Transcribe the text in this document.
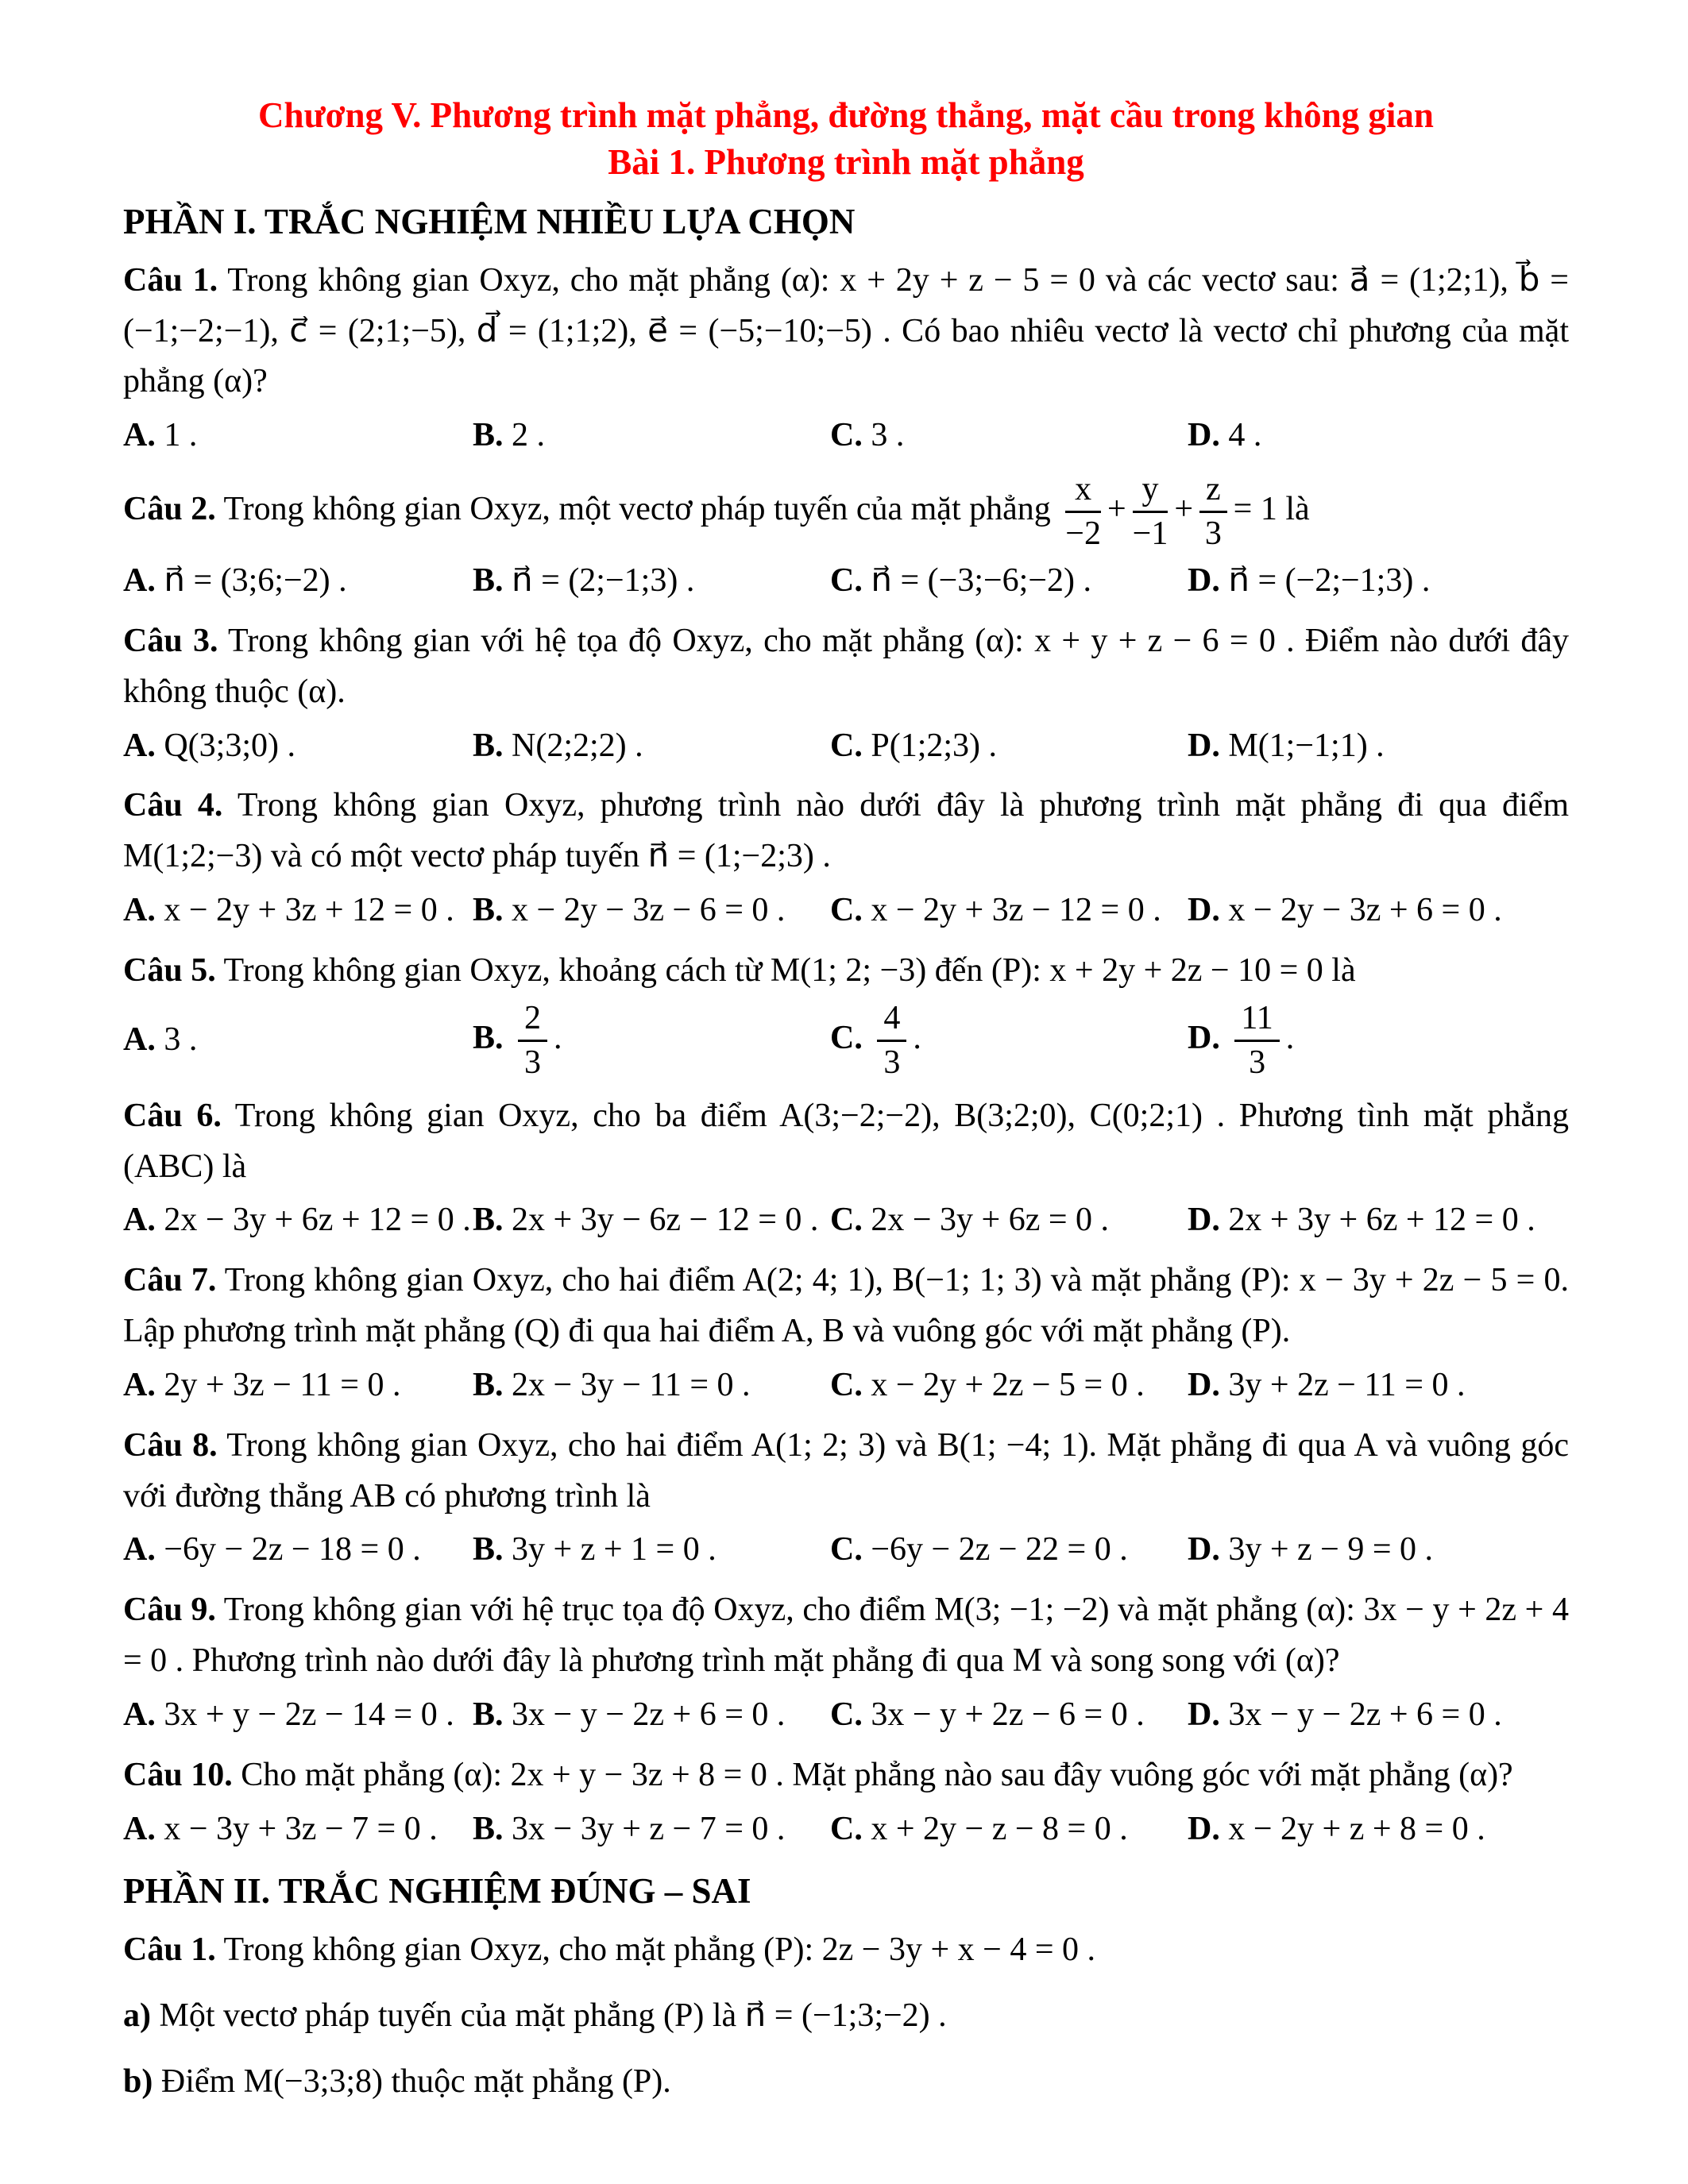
Chương V. Phương trình mặt phẳng, đường thẳng, mặt cầu trong không gian
Bài 1. Phương trình mặt phẳng
PHẦN I. TRẮC NGHIỆM NHIỀU LỰA CHỌN

Câu 1. Trong không gian Oxyz, cho mặt phẳng (α): x + 2y + z − 5 = 0 và các vectơ sau: a⃗ = (1;2;1), b⃗ = (−1;−2;−1), c⃗ = (2;1;−5), d⃗ = (1;1;2), e⃗ = (−5;−10;−5) . Có bao nhiêu vectơ là vectơ chỉ phương của mặt phẳng (α)?

A. 1 .	B. 2 .	C. 3 .	D. 4 .

Câu 2. Trong không gian Oxyz, một vectơ pháp tuyến của mặt phẳng $\frac{x}{-2} + \frac{y}{-1} + \frac{z}{3} = 1$ là

A. n⃗ = (3;6;−2) .	B. n⃗ = (2;−1;3) .	C. n⃗ = (−3;−6;−2) .	D. n⃗ = (−2;−1;3) .

Câu 3. Trong không gian với hệ tọa độ Oxyz, cho mặt phẳng (α): x + y + z − 6 = 0 . Điểm nào dưới đây không thuộc (α).

A. Q(3;3;0) .	B. N(2;2;2) .	C. P(1;2;3) .	D. M(1;−1;1) .

Câu 4. Trong không gian Oxyz, phương trình nào dưới đây là phương trình mặt phẳng đi qua điểm M(1;2;−3) và có một vectơ pháp tuyến n⃗ = (1;−2;3) .

A. x − 2y + 3z + 12 = 0 . B. x − 2y − 3z − 6 = 0 .	C. x − 2y + 3z − 12 = 0 . D. x − 2y − 3z + 6 = 0 .

Câu 5. Trong không gian Oxyz, khoảng cách từ M(1; 2; −3) đến (P): x + 2y + 2z − 10 = 0 là

A. 3 .	B. $\frac{2}{3}$ .	C. $\frac{4}{3}$ .	D. $\frac{11}{3}$ .

Câu 6. Trong không gian Oxyz, cho ba điểm A(3;−2;−2), B(3;2;0), C(0;2;1) . Phương tình mặt phẳng (ABC) là

A. 2x − 3y + 6z + 12 = 0 . B. 2x + 3y − 6z − 12 = 0 . C. 2x − 3y + 6z = 0 .	D. 2x + 3y + 6z + 12 = 0 .

Câu 7. Trong không gian Oxyz, cho hai điểm A(2; 4; 1), B(−1; 1; 3) và mặt phẳng (P): x − 3y + 2z − 5 = 0. Lập phương trình mặt phẳng (Q) đi qua hai điểm A, B và vuông góc với mặt phẳng (P).

A. 2y + 3z − 11 = 0 .	B. 2x − 3y − 11 = 0 .	C. x − 2y + 2z − 5 = 0 .	D. 3y + 2z − 11 = 0 .

Câu 8. Trong không gian Oxyz, cho hai điểm A(1; 2; 3) và B(1; −4; 1). Mặt phẳng đi qua A và vuông góc với đường thẳng AB có phương trình là

A. −6y − 2z − 18 = 0 .	B. 3y + z + 1 = 0 .	C. −6y − 2z − 22 = 0 .	D. 3y + z − 9 = 0 .

Câu 9. Trong không gian với hệ trục tọa độ Oxyz, cho điểm M(3; −1; −2) và mặt phẳng (α): 3x − y + 2z + 4 = 0 . Phương trình nào dưới đây là phương trình mặt phẳng đi qua M và song song với (α)?

A. 3x + y − 2z − 14 = 0 . B. 3x − y − 2z + 6 = 0 .	C. 3x − y + 2z − 6 = 0 .	D. 3x − y − 2z + 6 = 0 .

Câu 10. Cho mặt phẳng (α): 2x + y − 3z + 8 = 0 . Mặt phẳng nào sau đây vuông góc với mặt phẳng (α)?

A. x − 3y + 3z − 7 = 0 .	B. 3x − 3y + z − 7 = 0 .	C. x + 2y − z − 8 = 0 .	D. x − 2y + z + 8 = 0 .
PHẦN II. TRẮC NGHIỆM ĐÚNG – SAI

Câu 1. Trong không gian Oxyz, cho mặt phẳng (P): 2z − 3y + x − 4 = 0 .

a) Một vectơ pháp tuyến của mặt phẳng (P) là n⃗ = (−1;3;−2) .

b) Điểm M(−3;3;8) thuộc mặt phẳng (P).
